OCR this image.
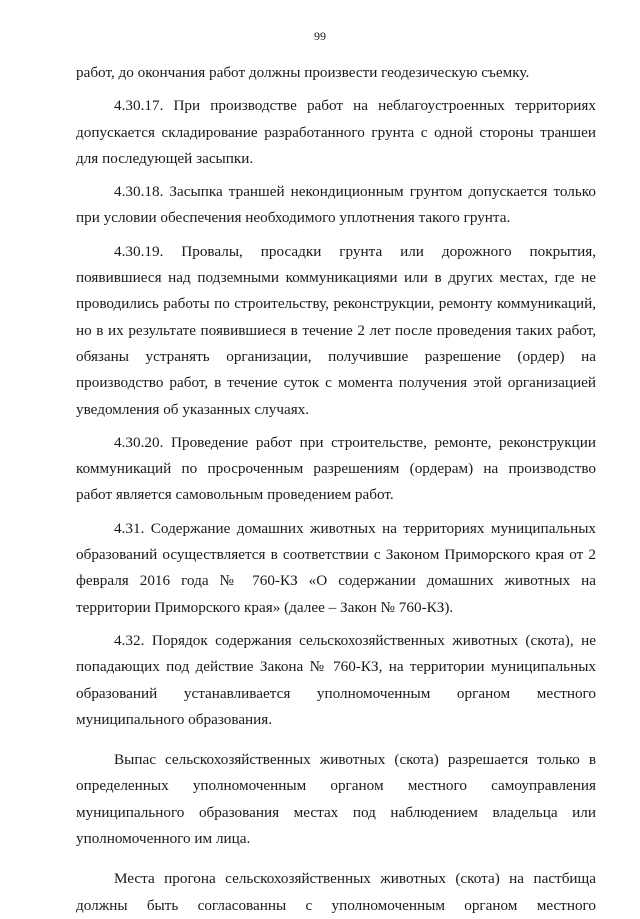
99

работ, до окончания работ должны произвести геодезическую съемку.

4.30.17. При производстве работ на неблагоустроенных территориях допускается складирование разработанного грунта с одной стороны траншеи для последующей засыпки.

4.30.18. Засыпка траншей некондиционным грунтом допускается только при условии обеспечения необходимого уплотнения такого грунта.

4.30.19. Провалы, просадки грунта или дорожного покрытия, появившиеся над подземными коммуникациями или в других местах, где не проводились работы по строительству, реконструкции, ремонту коммуникаций, но в их результате появившиеся в течение 2 лет после проведения таких работ, обязаны устранять организации, получившие разрешение (ордер) на производство работ, в течение суток с момента получения этой организацией уведомления об указанных случаях.

4.30.20. Проведение работ при строительстве, ремонте, реконструкции коммуникаций по просроченным разрешениям (ордерам) на производство работ является самовольным проведением работ.

4.31. Содержание домашних животных на территориях муниципальных образований осуществляется в соответствии с Законом Приморского края от 2 февраля 2016 года № 760-КЗ «О содержании домашних животных на территории Приморского края» (далее – Закон № 760-КЗ).

4.32. Порядок содержания сельскохозяйственных животных (скота), не попадающих под действие Закона № 760-КЗ, на территории муниципальных образований устанавливается уполномоченным органом местного муниципального образования.

Выпас сельскохозяйственных животных (скота) разрешается только в определенных уполномоченным органом местного самоуправления муниципального образования местах под наблюдением владельца или уполномоченного им лица.

Места прогона сельскохозяйственных животных (скота) на пастбища должны быть согласованны с уполномоченным органом местного
